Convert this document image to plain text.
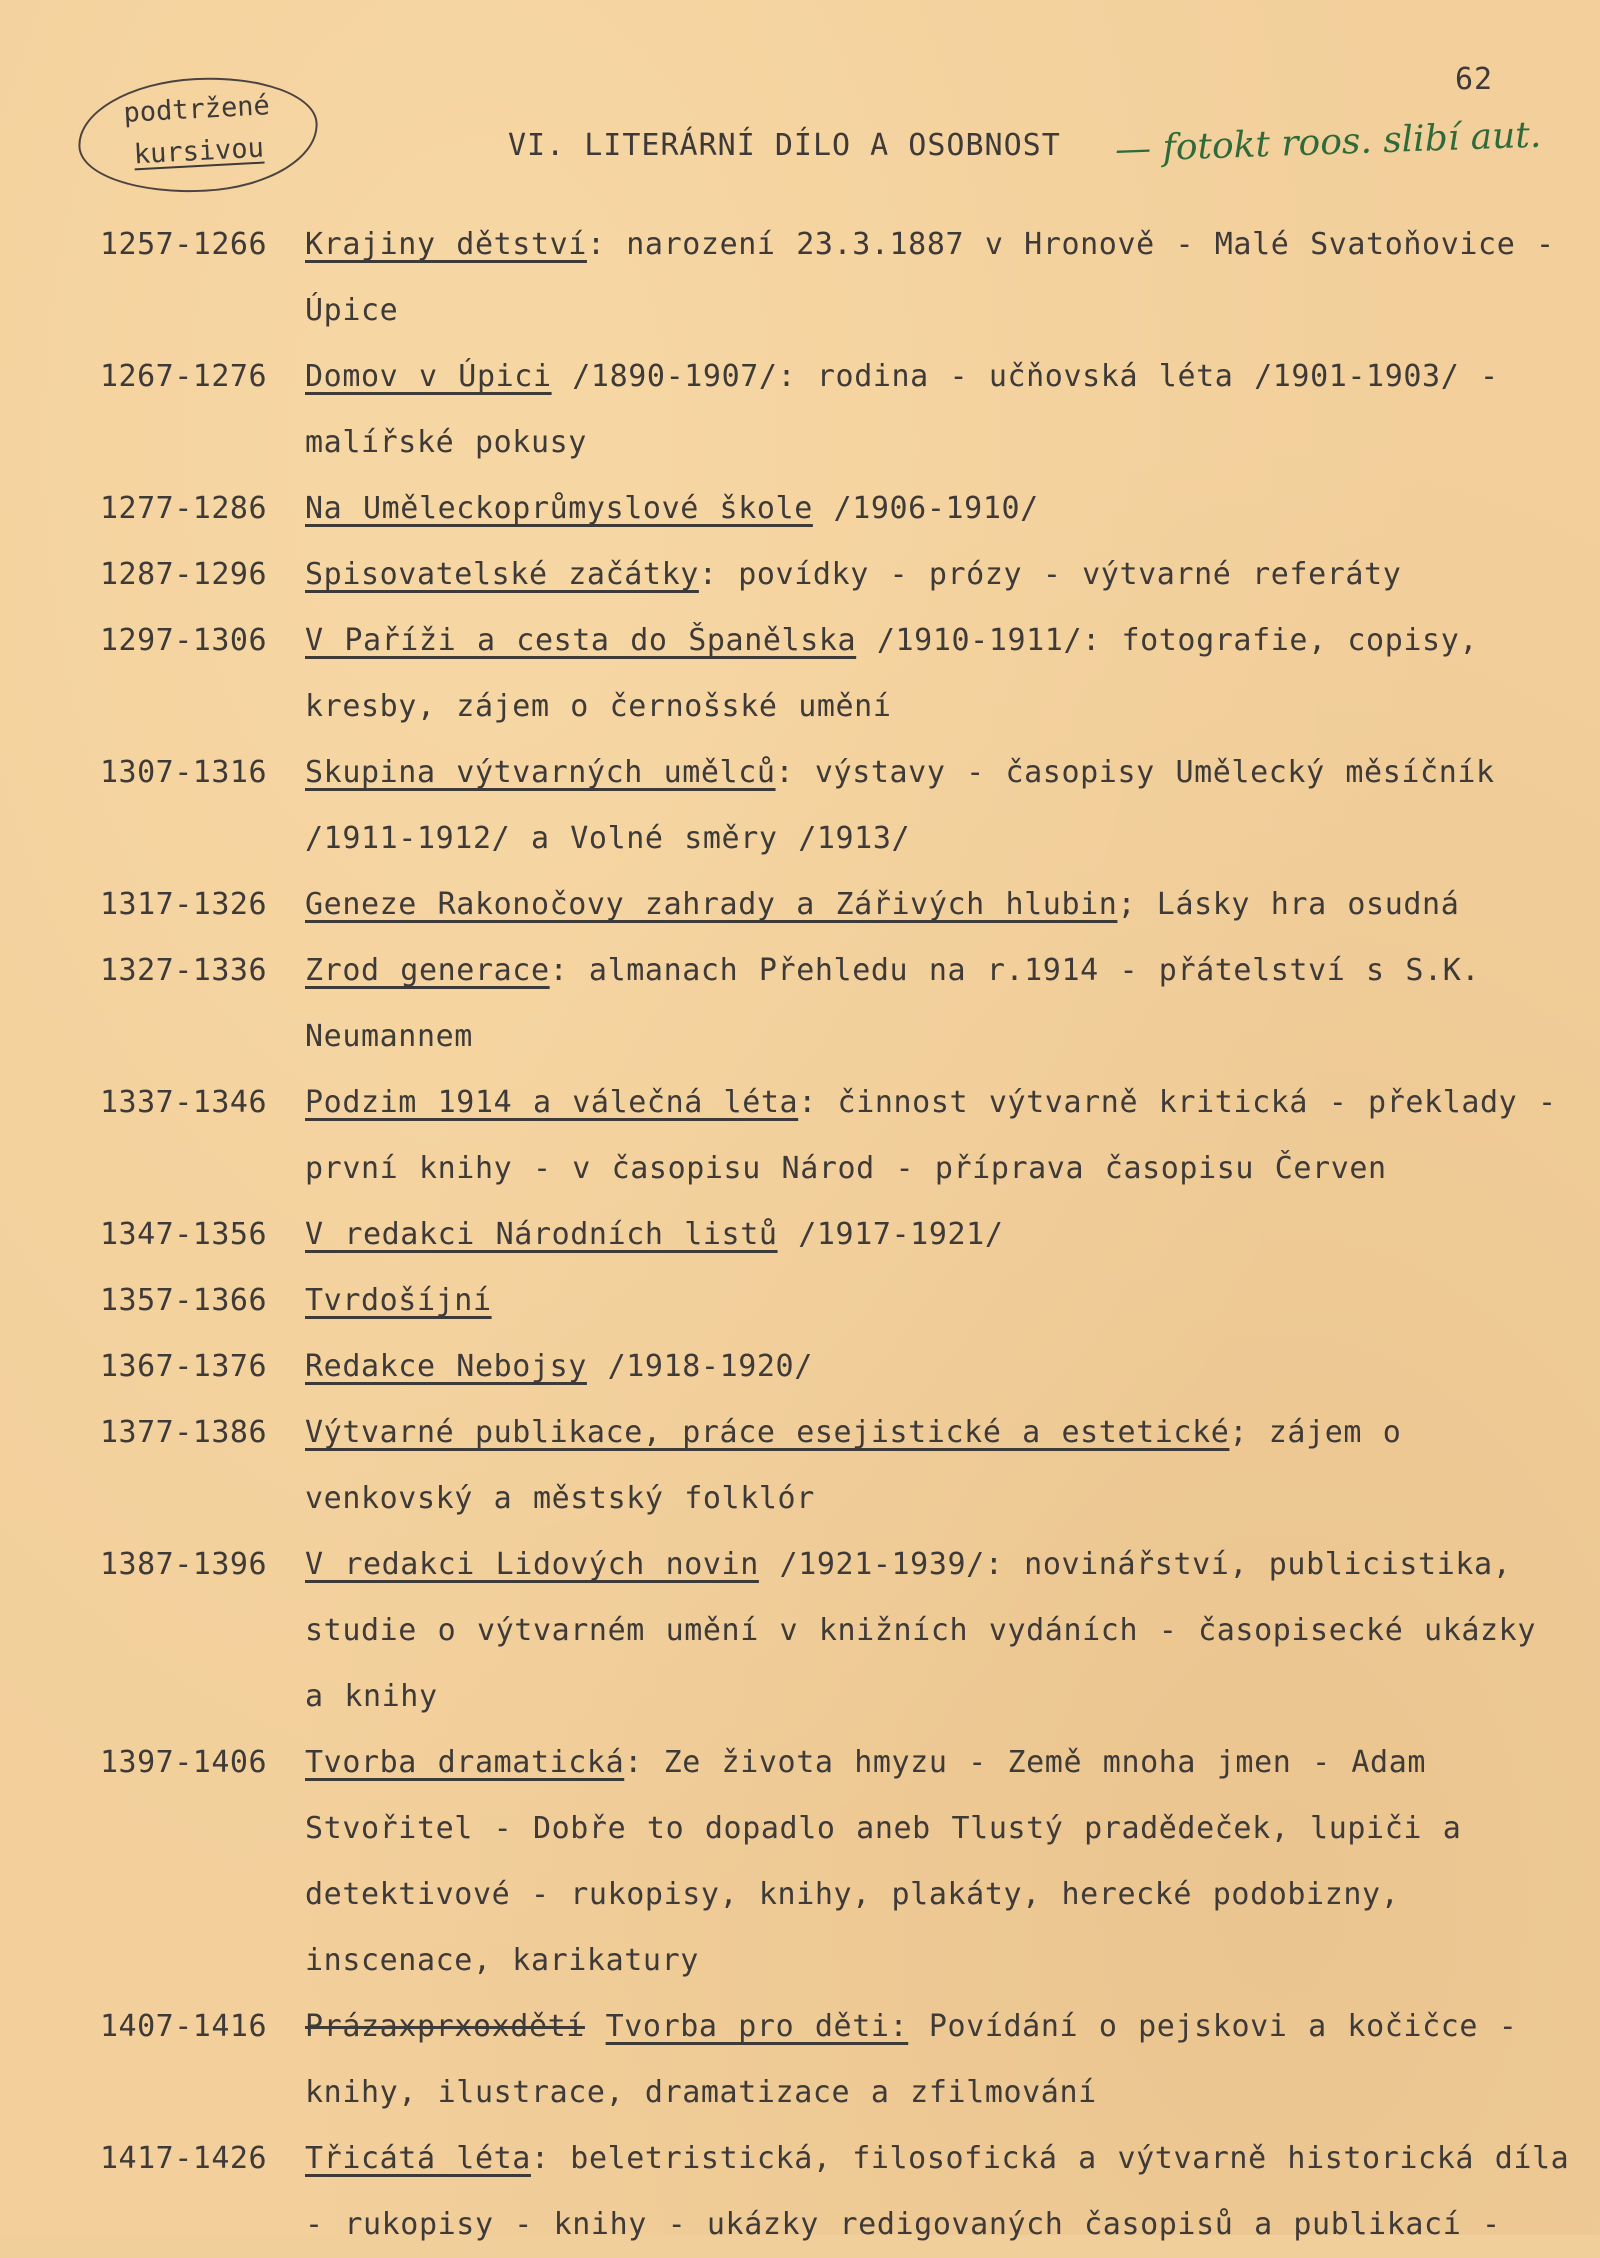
62
podtržené
kursivou	VI. LITERÁRNÍ DÍLO A OSOBNOST — fotokt roos. slibí aut.
1257-1266	Krajiny dětství: narození 23.3.1887 v Hronově - Malé Svatoňovice - Úpice
1267-1276	Domov v Úpici /1890-1907/: rodina - učňovská léta /1901-1903/ - malířské pokusy
1277-1286	Na Uměleckoprůmyslové škole /1906-1910/
1287-1296	Spisovatelské začátky: povídky - prózy - výtvarné referáty
1297-1306	V Paříži a cesta do Španělska /1910-1911/: fotografie, copisy, kresby, zájem o černošské umění
1307-1316	Skupina výtvarných umělců: výstavy - časopisy Umělecký měsíčník /1911-1912/ a Volné směry /1913/
1317-1326	Geneze Rakonočovy zahrady a Zářivých hlubin; Lásky hra osudná
1327-1336	Zrod generace: almanach Přehledu na r.1914 - přátelství s S.K. Neumannem
1337-1346	Podzim 1914 a válečná léta: činnost výtvarně kritická - překlady - první knihy - v časopisu Národ - příprava časopisu Červen
1347-1356	V redakci Národních listů /1917-1921/
1357-1366	Tvrdošíjní
1367-1376	Redakce Nebojsy /1918-1920/
1377-1386	Výtvarné publikace, práce esejistické a estetické; zájem o venkovský a městský folklór
1387-1396	V redakci Lidových novin /1921-1939/: novinářství, publicistika, studie o výtvarném umění v knižních vydáních - časopisecké ukázky a knihy
1397-1406	Tvorba dramatická: Ze života hmyzu - Země mnoha jmen - Adam Stvořitel - Dobře to dopadlo aneb Tlustý pradědeček, lupiči a detektivové - rukopisy, knihy, plakáty, herecké podobizny, inscenace, karikatury
1407-1416	Prázaxprxoxdětí Tvorba pro děti: Povídání o pejskovi a kočičce - knihy, ilustrace, dramatizace a zfilmování
1417-1426	Třicátá léta: beletristická, filosofická a výtvarně historická díla - rukopisy - knihy - ukázky redigovaných časopisů a publikací -
